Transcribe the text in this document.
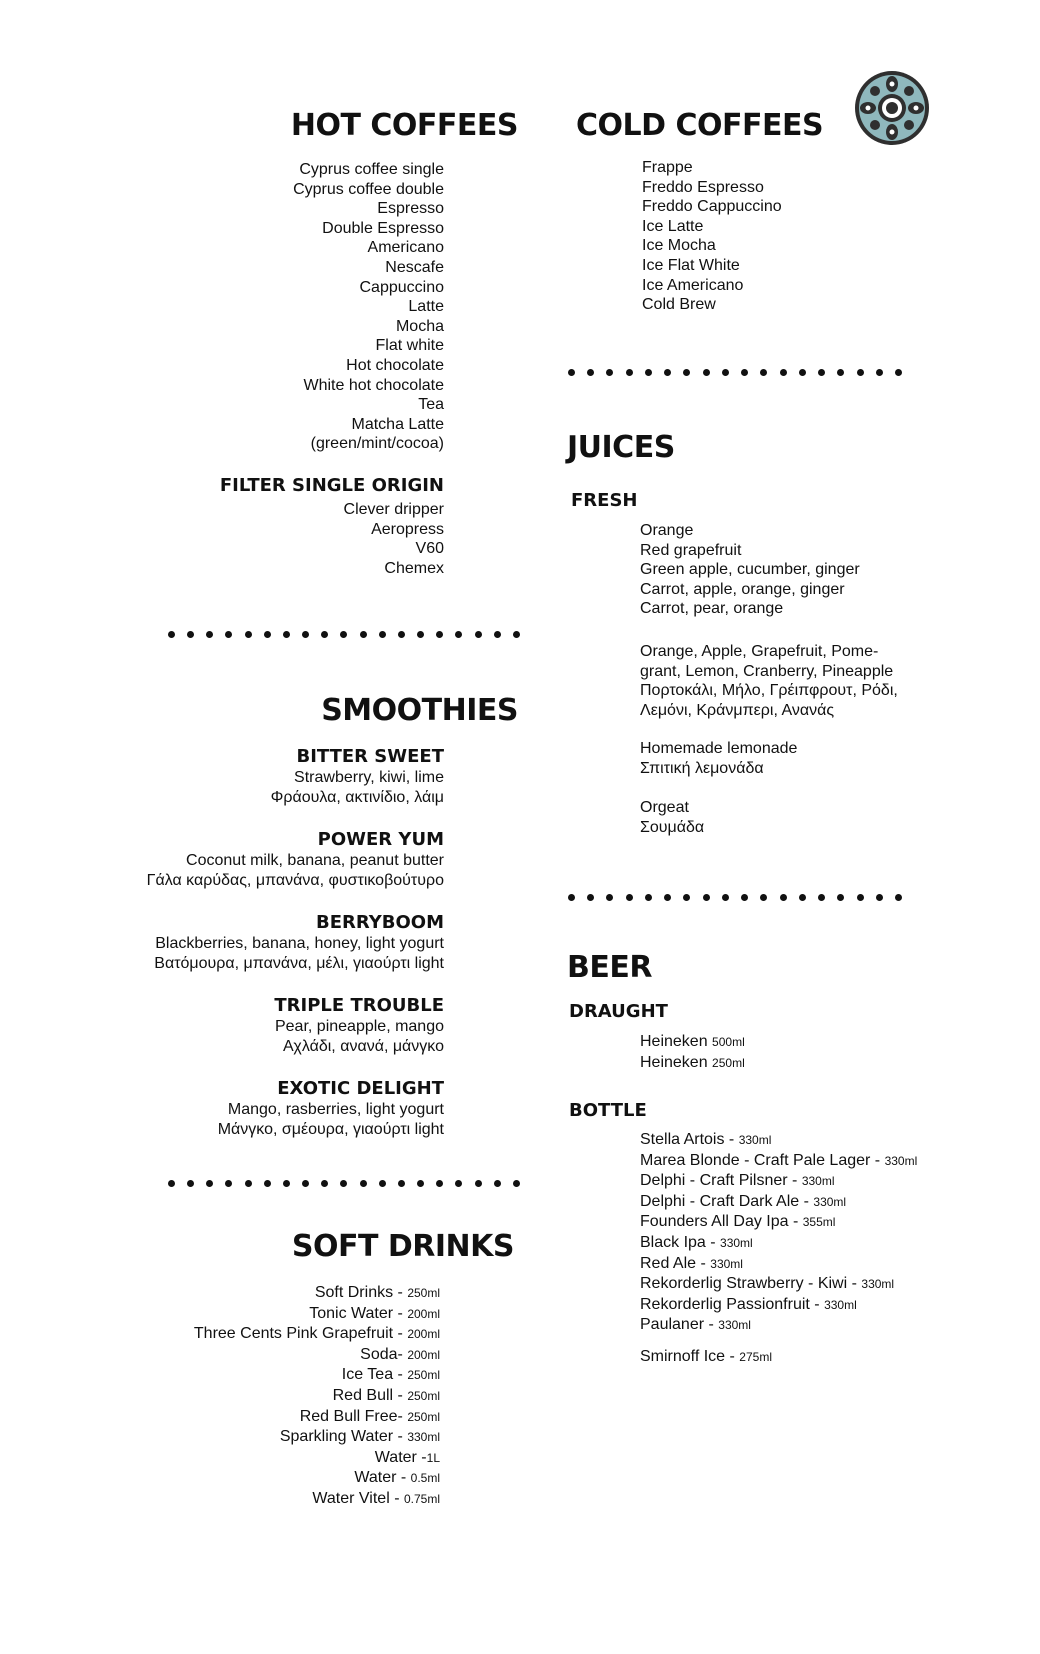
HOT COFFEES
Cyprus coffee single
Cyprus coffee double
Espresso
Double Espresso
Americano
Nescafe
Cappuccino
Latte
Mocha
Flat white
Hot chocolate
White hot chocolate
Tea
Matcha Latte
(green/mint/cocoa)
FILTER SINGLE ORIGIN
Clever dripper
Aeropress
V60
Chemex
SMOOTHIES

BITTER SWEET

Strawberry, kiwi, lime

Φράουλα, ακτινίδιο, λάιμ

POWER YUM

Coconut milk, banana, peanut butter

Γάλα καρύδας, μπανάνα, φυστικοβούτυρο

BERRYBOOM

Blackberries, banana, honey, light yogurt

Βατόμουρα, μπανάνα, μέλι, γιαούρτι light

TRIPLE TROUBLE

Pear, pineapple, mango

Αχλάδι, ανανά, μάνγκο

EXOTIC DELIGHT

Mango, rasberries, light yogurt

Μάνγκο, σμέουρα, γιαούρτι light

SOFT DRINKS
Soft Drinks - 250ml
Tonic Water - 200ml
Three Cents Pink Grapefruit - 200ml
Soda- 200ml
Ice Tea - 250ml
Red Bull - 250ml
Red Bull Free- 250ml
Sparkling Water - 330ml
Water -1L
Water - 0.5ml
Water Vitel - 0.75ml
COLD COFFEES
Frappe
Freddo Espresso
Freddo Cappuccino
Ice Latte
Ice Mocha
Ice Flat White
Ice Americano
Cold Brew
JUICES
FRESH
Orange
Red grapefruit
Green apple, cucumber, ginger
Carrot, apple, orange, ginger
Carrot, pear, orange
Orange, Apple, Grapefruit, Pome-
grant, Lemon, Cranberry, Pineapple
Πορτοκάλι, Μήλο, Γρέιπφρουτ, Ρόδι,
Λεμόνι, Κράνμπερι, Ανανάς
Homemade lemonade
Σπιτική λεμονάδα
Orgeat
Σουμάδα
BEER
DRAUGHT
Heineken 500ml
Heineken 250ml
BOTTLE
Stella Artois - 330ml
Marea Blonde - Craft Pale Lager - 330ml
Delphi - Craft Pilsner - 330ml
Delphi - Craft Dark Ale - 330ml
Founders All Day Ipa - 355ml
Black Ipa - 330ml
Red Ale - 330ml
Rekorderlig Strawberry - Kiwi - 330ml
Rekorderlig Passionfruit - 330ml
Paulaner - 330ml
Smirnoff Ice - 275ml
